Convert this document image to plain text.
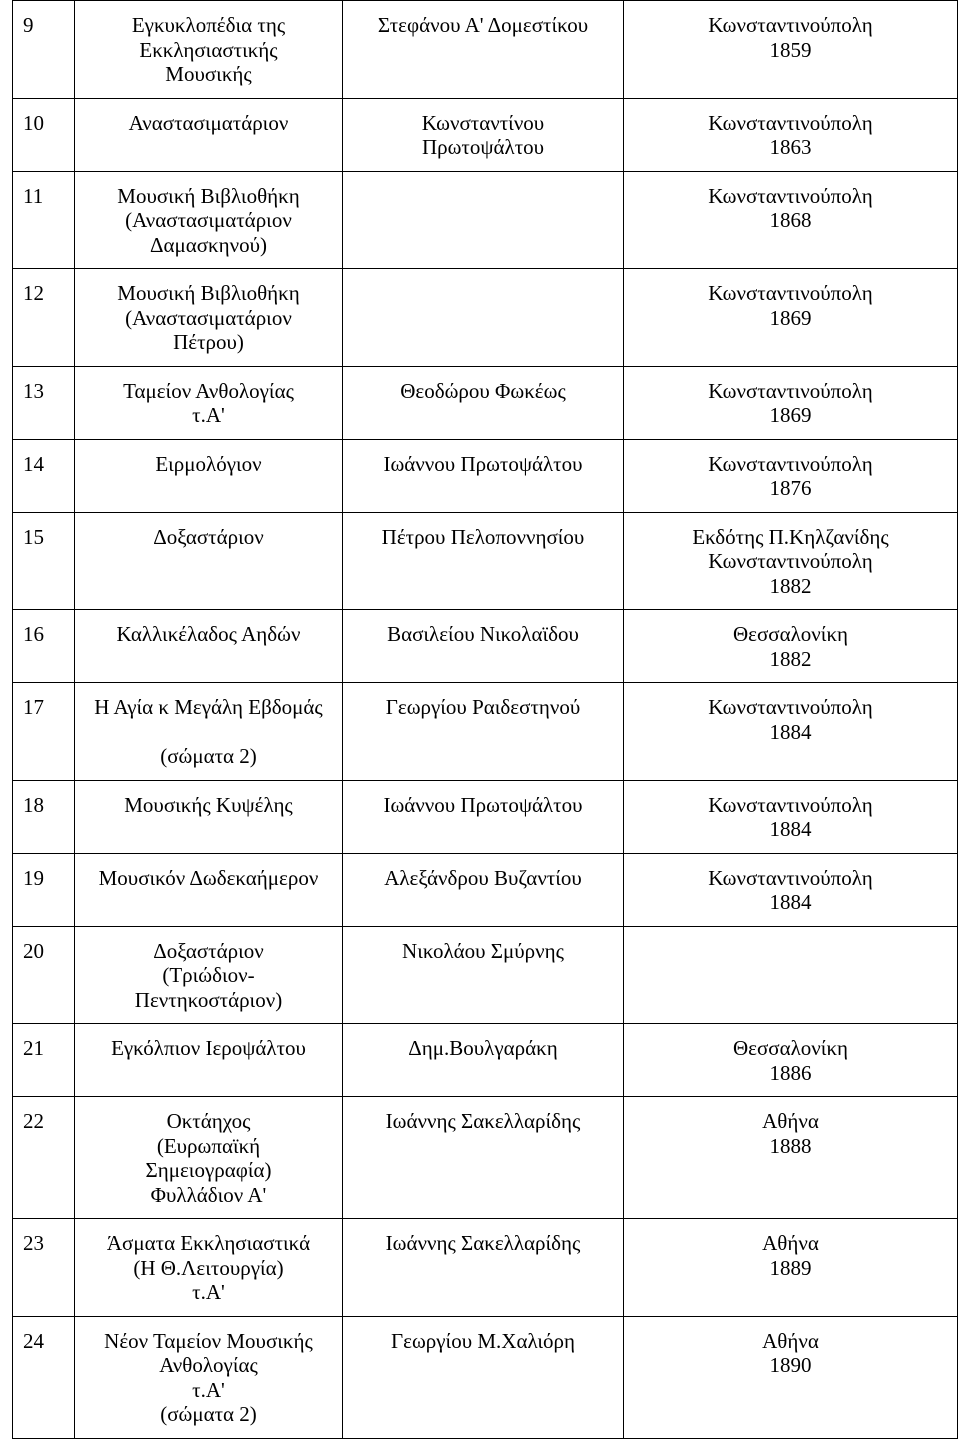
9	Εγκυκλοπέδια της
Εκκλησιαστικής
Μουσικής	Στεφάνου Α' Δομεστίκου	Κωνσταντινούπολη
1859

10	Αναστασιματάριον	Κωνσταντίνου
Πρωτοψάλτου	Κωνσταντινούπολη
1863

11	Μουσική Βιβλιοθήκη
(Αναστασιματάριον
Δαμασκηνού)		Κωνσταντινούπολη
1868

12	Μουσική Βιβλιοθήκη
(Αναστασιματάριον
Πέτρου)		Κωνσταντινούπολη
1869

13	Ταμείον Ανθολογίας
τ.Α'	Θεοδώρου Φωκέως	Κωνσταντινούπολη
1869

14	Ειρμολόγιον	Ιωάννου Πρωτοψάλτου	Κωνσταντινούπολη
1876

15	Δοξαστάριον	Πέτρου Πελοποννησίου	Εκδότης Π.Κηλζανίδης
Κωνσταντινούπολη
1882

16	Καλλικέλαδος Αηδών	Βασιλείου Νικολαϊδου	Θεσσαλονίκη
1882

17	Η Αγία κ Μεγάλη Εβδομάς
(σώματα 2)	Γεωργίου Ραιδεστηνού	Κωνσταντινούπολη
1884

18	Μουσικής Κυψέλης	Ιωάννου Πρωτοψάλτου	Κωνσταντινούπολη
1884

19	Μουσικόν Δωδεκαήμερον	Αλεξάνδρου Βυζαντίου	Κωνσταντινούπολη
1884

20	Δοξαστάριον
(Τριώδιον-
Πεντηκοστάριον)	Νικολάου Σμύρνης	

21	Εγκόλπιον Ιεροψάλτου	Δημ.Βουλγαράκη	Θεσσαλονίκη
1886

22	Οκτάηχος
(Ευρωπαϊκή
Σημειογραφία)
Φυλλάδιον Α'	Ιωάννης Σακελλαρίδης	Αθήνα
1888

23	Άσματα Εκκλησιαστικά
(Η Θ.Λειτουργία)
τ.Α'	Ιωάννης Σακελλαρίδης	Αθήνα
1889

24	Νέον Ταμείον Μουσικής
Ανθολογίας
τ.Α'
(σώματα 2)	Γεωργίου Μ.Χαλιόρη	Αθήνα
1890
